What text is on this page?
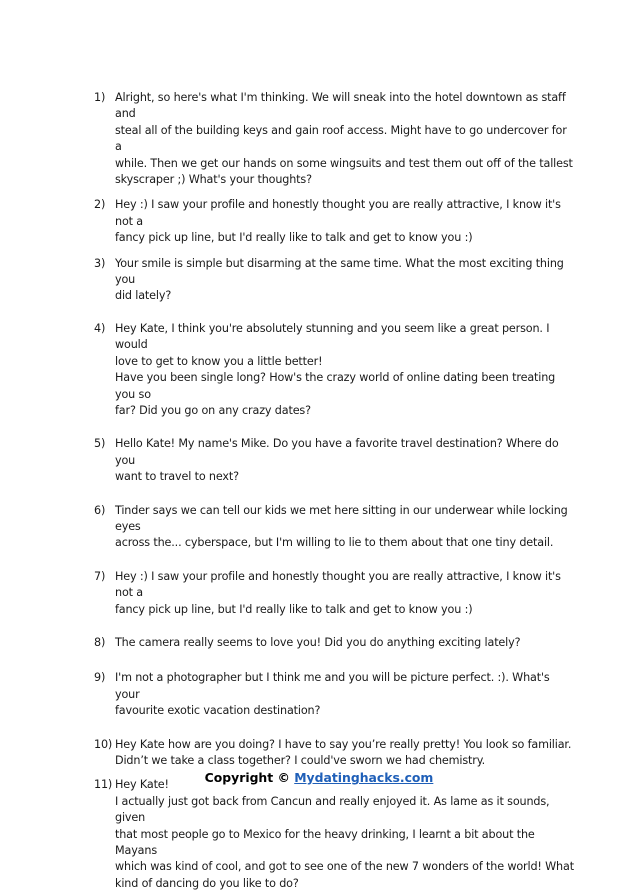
1) Alright, so here's what I'm thinking. We will sneak into the hotel downtown as staff and
steal all of the building keys and gain roof access. Might have to go undercover for a
while. Then we get our hands on some wingsuits and test them out off of the tallest
skyscraper ;) What's your thoughts?
2) Hey :) I saw your profile and honestly thought you are really attractive, I know it's not a
fancy pick up line, but I'd really like to talk and get to know you :)
3) Your smile is simple but disarming at the same time. What the most exciting thing you
did lately?
4) Hey Kate, I think you're absolutely stunning and you seem like a great person. I would
love to get to know you a little better!
Have you been single long? How's the crazy world of online dating been treating you so
far? Did you go on any crazy dates?
5) Hello Kate! My name's Mike. Do you have a favorite travel destination? Where do you
want to travel to next?
6) Tinder says we can tell our kids we met here sitting in our underwear while locking eyes
across the... cyberspace, but I'm willing to lie to them about that one tiny detail.
7) Hey :) I saw your profile and honestly thought you are really attractive, I know it's not a
fancy pick up line, but I'd really like to talk and get to know you :)
8) The camera really seems to love you! Did you do anything exciting lately?
9) I'm not a photographer but I think me and you will be picture perfect. :). What's your
favourite exotic vacation destination?
10) Hey Kate how are you doing? I have to say you’re really pretty! You look so familiar.
Didn’t we take a class together? I could've sworn we had chemistry.
11) Hey Kate!
I actually just got back from Cancun and really enjoyed it. As lame as it sounds, given
that most people go to Mexico for the heavy drinking, I learnt a bit about the Mayans
which was kind of cool, and got to see one of the new 7 wonders of the world! What
kind of dancing do you like to do?
Copyright © Mydatinghacks.com
